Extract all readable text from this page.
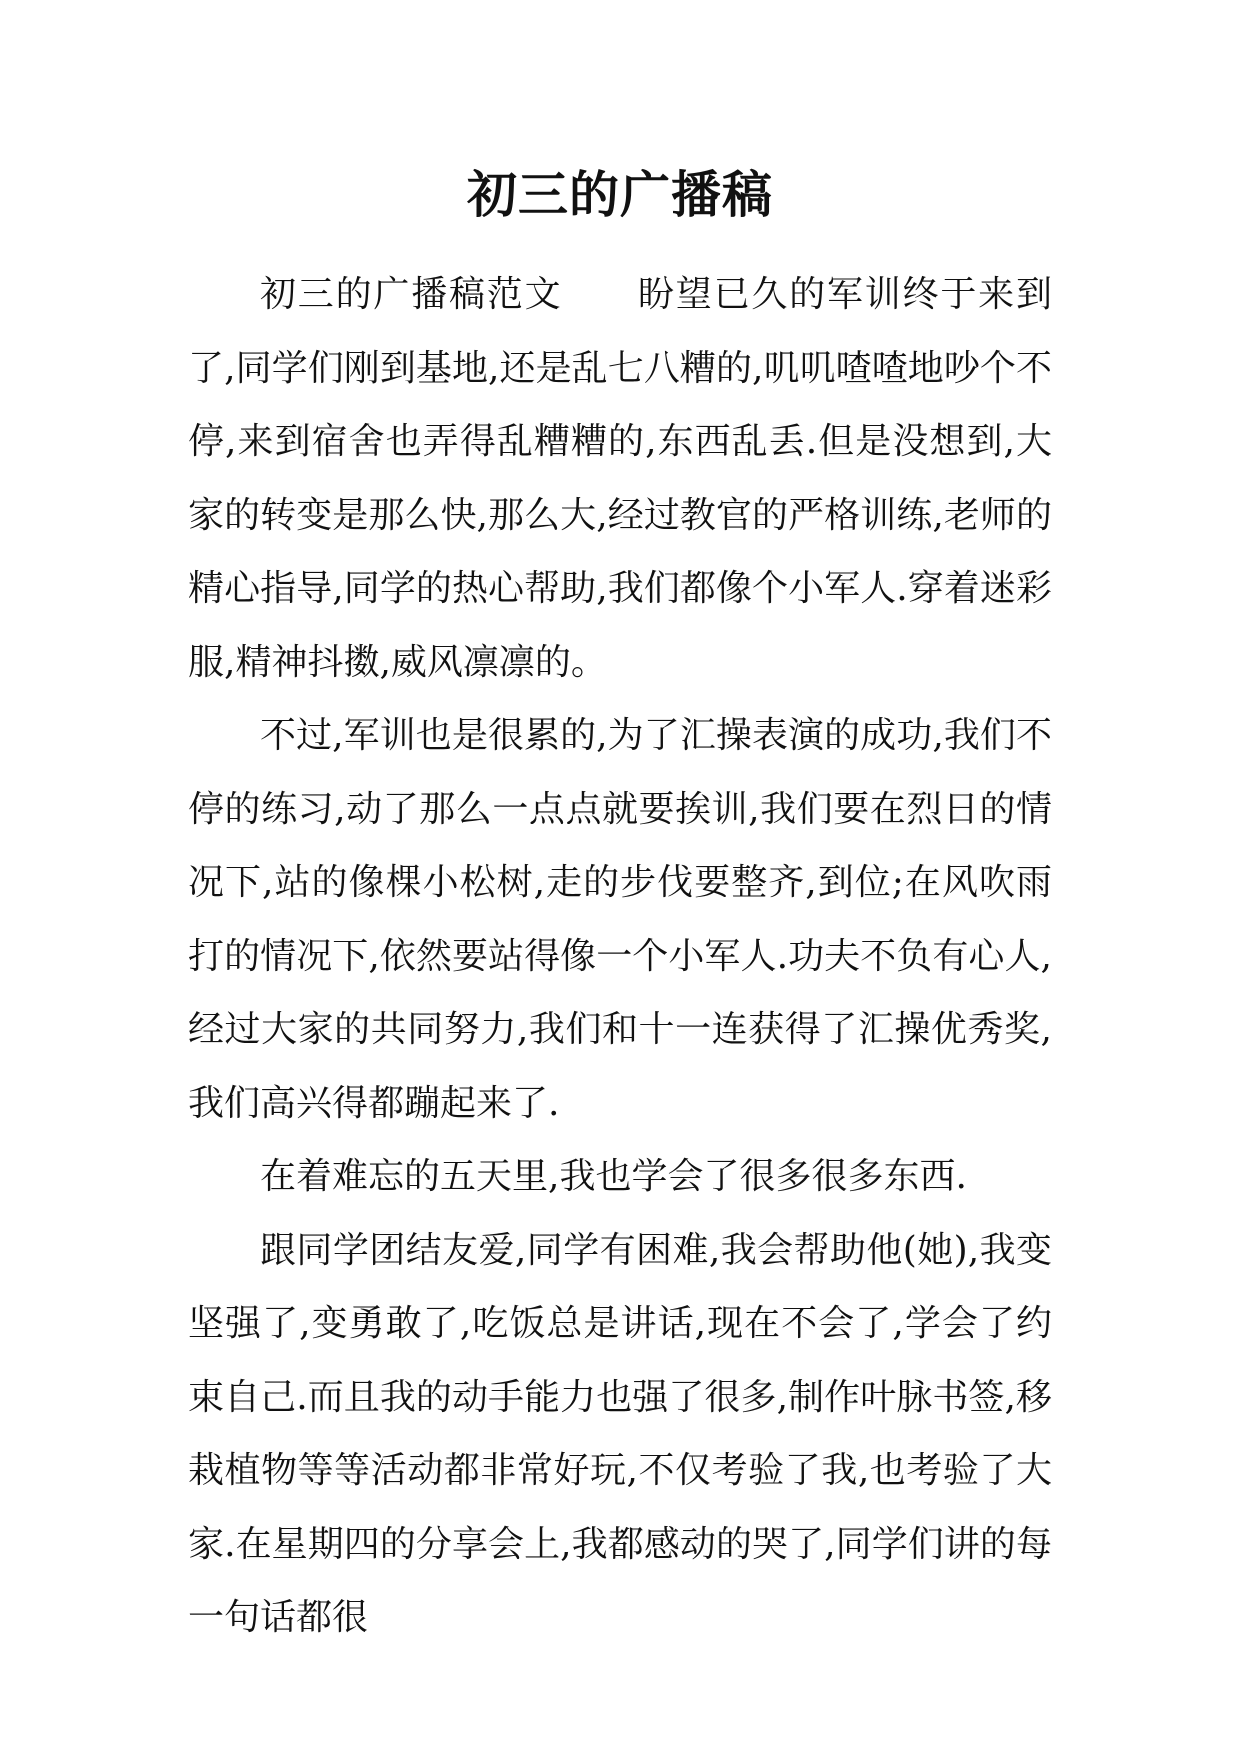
初三的广播稿

初三的广播稿范文　　盼望已久的军训终于来到了,同学们刚到基地,还是乱七八糟的,叽叽喳喳地吵个不停,来到宿舍也弄得乱糟糟的,东西乱丢.但是没想到,大家的转变是那么快,那么大,经过教官的严格训练,老师的精心指导,同学的热心帮助,我们都像个小军人.穿着迷彩服,精神抖擞,威风凛凛的。

不过,军训也是很累的,为了汇操表演的成功,我们不停的练习,动了那么一点点就要挨训,我们要在烈日的情况下,站的像棵小松树,走的步伐要整齐,到位;在风吹雨打的情况下,依然要站得像一个小军人.功夫不负有心人,经过大家的共同努力,我们和十一连获得了汇操优秀奖,我们高兴得都蹦起来了.

在着难忘的五天里,我也学会了很多很多东西.

跟同学团结友爱,同学有困难,我会帮助他(她),我变坚强了,变勇敢了,吃饭总是讲话,现在不会了,学会了约束自己.而且我的动手能力也强了很多,制作叶脉书签,移栽植物等等活动都非常好玩,不仅考验了我,也考验了大家.在星期四的分享会上,我都感动的哭了,同学们讲的每一句话都很
